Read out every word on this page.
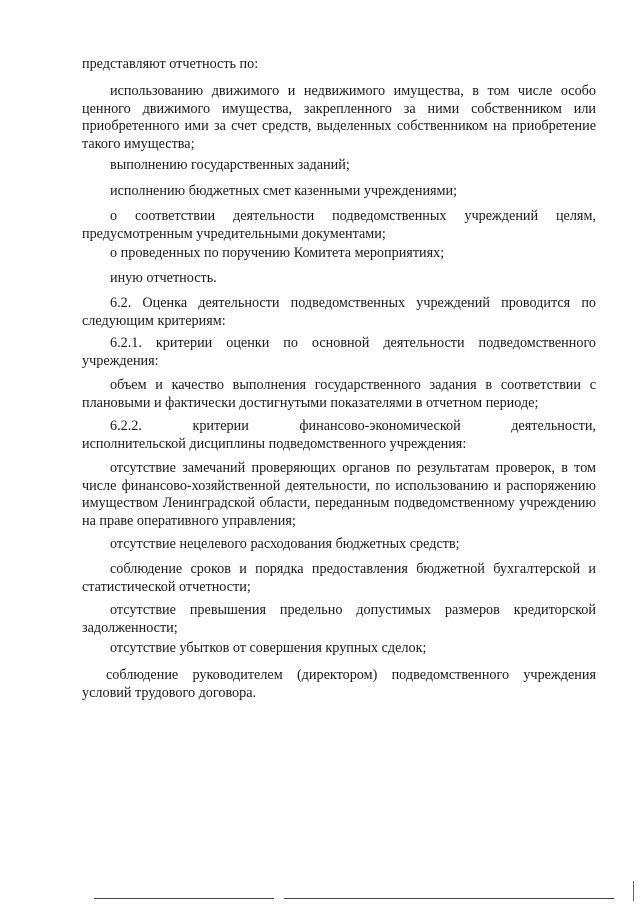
представляют отчетность по:
использованию движимого и недвижимого имущества, в том числе особо ценного движимого имущества, закрепленного за ними собственником или приобретенного ими за счет средств, выделенных собственником на приобретение такого имущества;
выполнению государственных заданий;
исполнению бюджетных смет казенными учреждениями;
о соответствии деятельности подведомственных учреждений целям, предусмотренным учредительными документами;
о проведенных по поручению Комитета мероприятиях;
иную отчетность.
6.2. Оценка деятельности подведомственных учреждений проводится по следующим критериям:
6.2.1. критерии оценки по основной деятельности подведомственного учреждения:
объем и качество выполнения государственного задания в соответствии с плановыми и фактически достигнутыми показателями в отчетном периоде;
6.2.2.	критерии	финансово-экономической	деятельности,
исполнительской дисциплины подведомственного учреждения:
отсутствие замечаний проверяющих органов по результатам проверок, в том числе финансово-хозяйственной деятельности, по использованию и распоряжению имуществом Ленинградской области, переданным подведомственному учреждению на праве оперативного управления;
отсутствие нецелевого расходования бюджетных средств;
соблюдение сроков и порядка предоставления бюджетной бухгалтерской и статистической отчетности;
отсутствие превышения предельно допустимых размеров кредиторской задолженности;
отсутствие убытков от совершения крупных сделок;
соблюдение руководителем (директором) подведомственного учреждения условий трудового договора.
